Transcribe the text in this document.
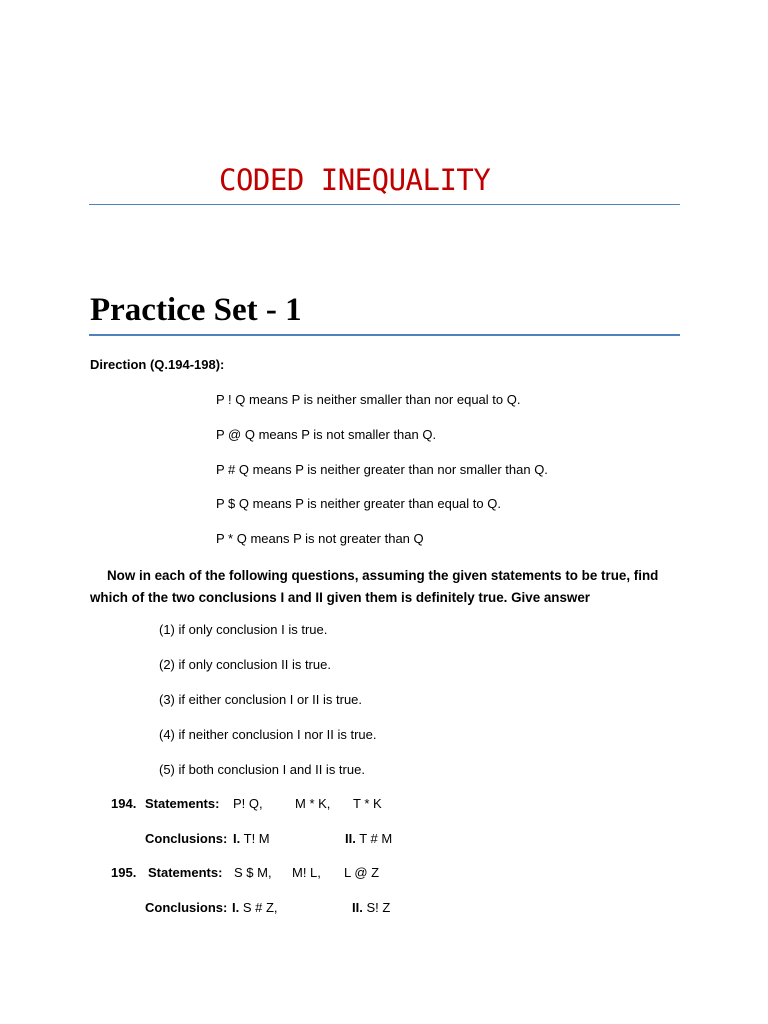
CODED INEQUALITY
Practice Set - 1
Direction (Q.194-198):
P ! Q means P is neither smaller than nor equal to Q.
P @ Q means P is not smaller than Q.
P # Q means P is neither greater than nor smaller than Q.
P $ Q means P is neither greater than equal to Q.
P * Q means P is not greater than Q
Now in each of the following questions, assuming the given statements to be true, find which of the two conclusions I and II given them is definitely true. Give answer
(1) if only conclusion I is true.
(2) if only conclusion II is true.
(3) if either conclusion I or II is true.
(4) if neither conclusion I nor II is true.
(5) if both conclusion I and II is true.
194. Statements: P! Q, M * K, T * K
Conclusions: I. T! M	II. T # M
195. Statements: S $ M, M! L, L @ Z
Conclusions: I. S # Z,	II. S! Z
